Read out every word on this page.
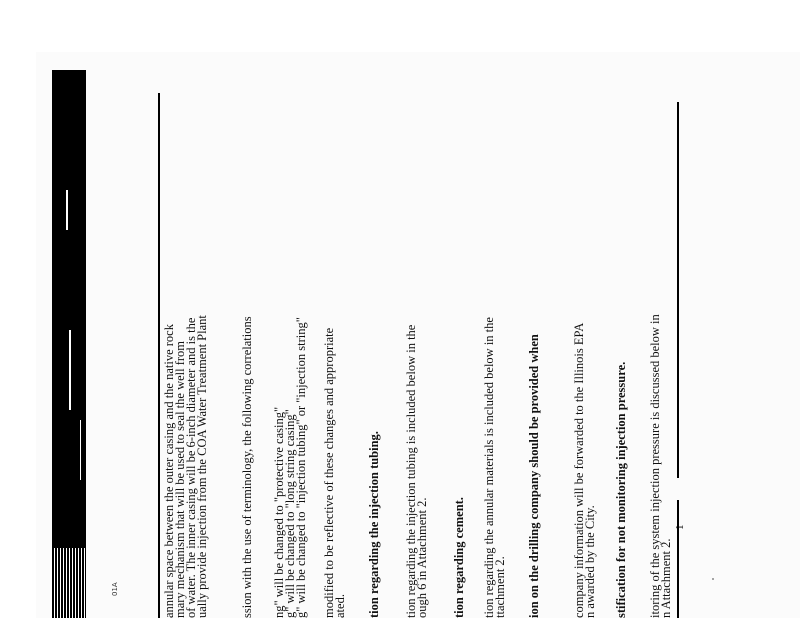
01A
1
annular space between the outer casing and the native rock
mary mechanism that will be used to seal the well from
of water. The inner casing will be 6-inch diameter and is the
ually provide injection from the COA Water Treatment Plant ssion with the use of terminology, the following correlations ng" will be changed to "protective casing"
g" will be changed to "long string casing"
g" will be changed to "injection tubing" or "injection string" modified to be reflective of these changes and appropriate
ated. tion regarding the injection tubing. tion regarding the injection tubing is included below in the
ough 6 in Attachment 2. tion regarding cement. tion regarding the annular materials is included below in the
ttachment 2. ion on the drilling company should be provided when company information will be forwarded to the Illinois EPA
n awarded by the City. stification for not monitoring injection pressure. itoring of the system injection pressure is discussed below in
n Attachment 2.
